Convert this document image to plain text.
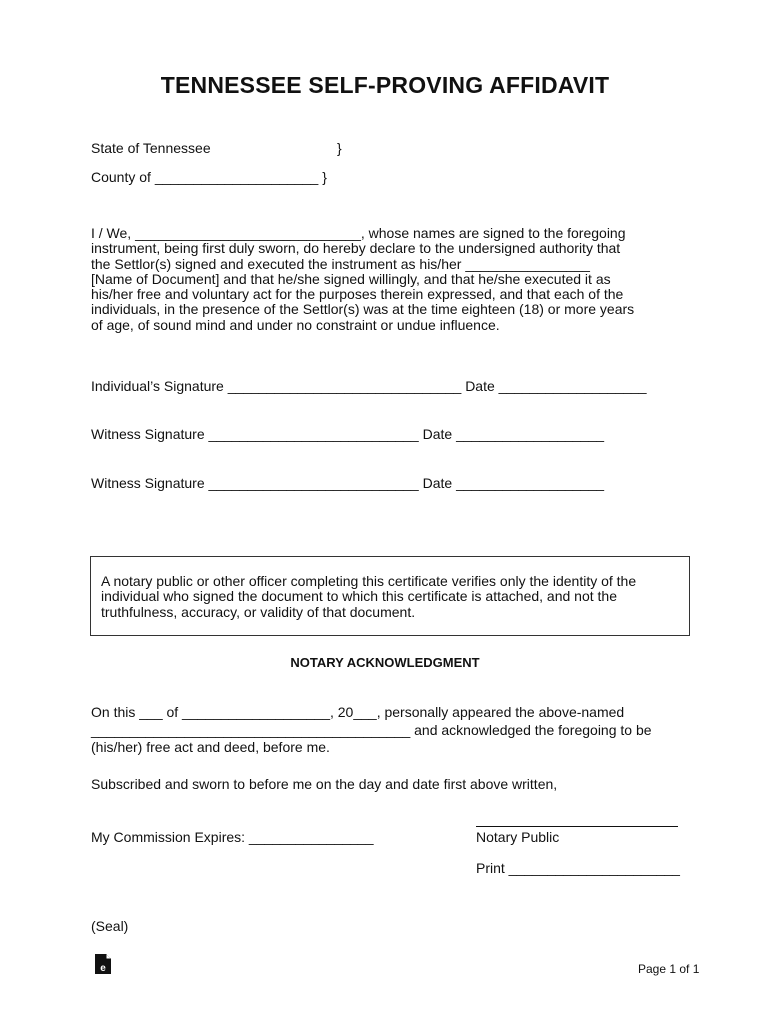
TENNESSEE SELF-PROVING AFFIDAVIT
State of Tennessee	}
County of _____________________ }
I / We, _____________________________, whose names are signed to the foregoing
instrument, being first duly sworn, do hereby declare to the undersigned authority that
the Settlor(s) signed and executed the instrument as his/her ________________
[Name of Document] and that he/she signed willingly, and that he/she executed it as
his/her free and voluntary act for the purposes therein expressed, and that each of the
individuals, in the presence of the Settlor(s) was at the time eighteen (18) or more years
of age, of sound mind and under no constraint or undue influence.
Individual’s Signature ______________________________ Date ___________________
Witness Signature ___________________________ Date ___________________
Witness Signature ___________________________ Date ___________________
A notary public or other officer completing this certificate verifies only the identity of the
individual who signed the document to which this certificate is attached, and not the
truthfulness, accuracy, or validity of that document.
NOTARY ACKNOWLEDGMENT
On this ___ of ___________________, 20___, personally appeared the above-named
_________________________________________ and acknowledged the foregoing to be
(his/her) free act and deed, before me.
Subscribed and sworn to before me on the day and date first above written,
My Commission Expires: ________________	Notary Public
Print ______________________
(Seal)
e	Page 1 of 1
